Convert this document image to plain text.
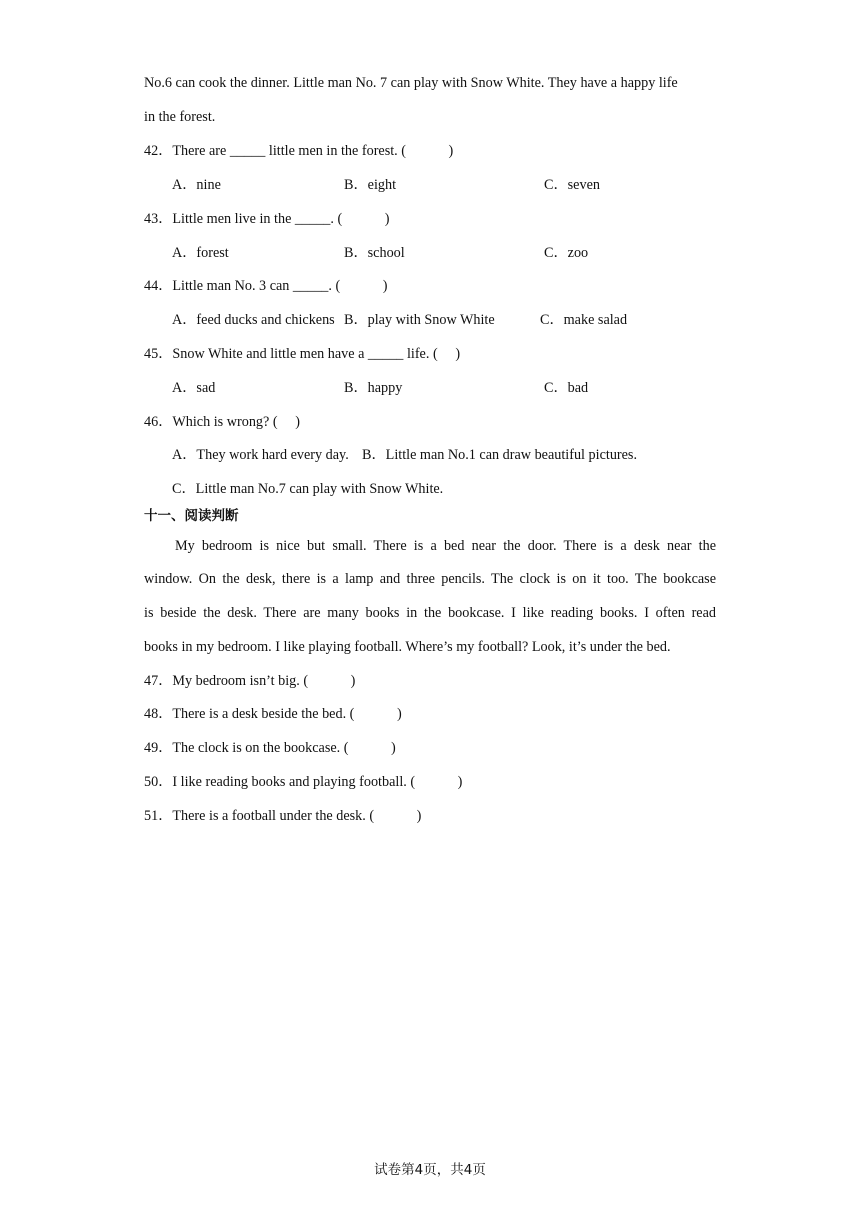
No.6 can cook the dinner. Little man No. 7 can play with Snow White. They have a happy life
in the forest.
42．There are _____ little men in the forest. (　　　)
A．nine	B．eight	C．seven
43．Little men live in the _____. (　　　)
A．forest	B．school	C．zoo
44．Little man No. 3 can _____. (　　　)
A．feed ducks and chickens B．play with Snow White	C．make salad
45．Snow White and little men have a _____ life. (　 )
A．sad	B．happy	C．bad
46．Which is wrong? (　 )
A．They work hard every day. B．Little man No.1 can draw beautiful pictures.
C．Little man No.7 can play with Snow White.
十一、阅读判断
My bedroom is nice but small. There is a bed near the door. There is a desk near the
window. On the desk, there is a lamp and three pencils. The clock is on it too. The bookcase
is beside the desk. There are many books in the bookcase. I like reading books. I often read
books in my bedroom. I like playing football. Where’s my football? Look, it’s under the bed.
47．My bedroom isn’t big. (　　　)
48．There is a desk beside the bed. (　　　)
49．The clock is on the bookcase. (　　　)
50．I like reading books and playing football. (　　　)
51．There is a football under the desk. (　　　)
试卷第4页，共4页
